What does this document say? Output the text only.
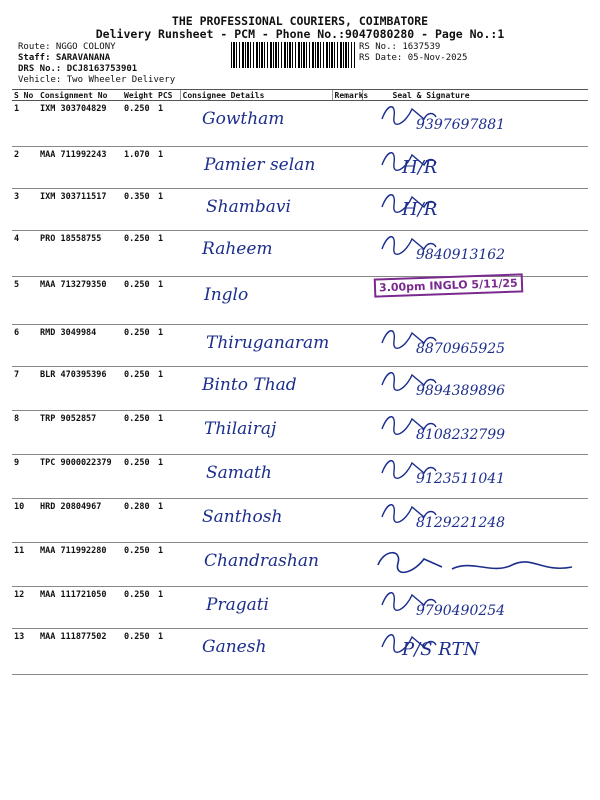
THE PROFESSIONAL COURIERS, COIMBATORE
Delivery Runsheet - PCM - Phone No.:9047080280 - Page No.:1
Route: NGGO COLONY
Staff: SARAVANANA
DRS No.: DCJ8163753901
Vehicle: Two Wheeler Delivery
RS No.: 1637539
RS Date: 05-Nov-2025
S No	Consignment No	Weight	PCS	Consignee Details	Remarks	Seal & Signature
1	IXM 303704829	0.250	1	Gowtham		9397697881

2	MAA 711992243	1.070	1	Pamier selan		H/R

3	IXM 303711517	0.350	1	Shambavi		H/R

4	PRO 18558755	0.250	1	Raheem		9840913162

5	MAA 713279350	0.250	1	Inglo		3.00pm INGLO 5/11/25

6	RMD 3049984	0.250	1	Thiruganaram		8870965925

7	BLR 470395396	0.250	1	Binto Thad		9894389896

8	TRP 9052857	0.250	1	Thilairaj		8108232799

9	TPC 9000022379	0.250	1	Samath		9123511041

10	HRD 20804967	0.280	1	Santhosh		8129221248

11	MAA 711992280	0.250	1	Chandrashan

12	MAA 111721050	0.250	1	Pragati		9790490254

13	MAA 111877502	0.250	1	Ganesh		P/S RTN
